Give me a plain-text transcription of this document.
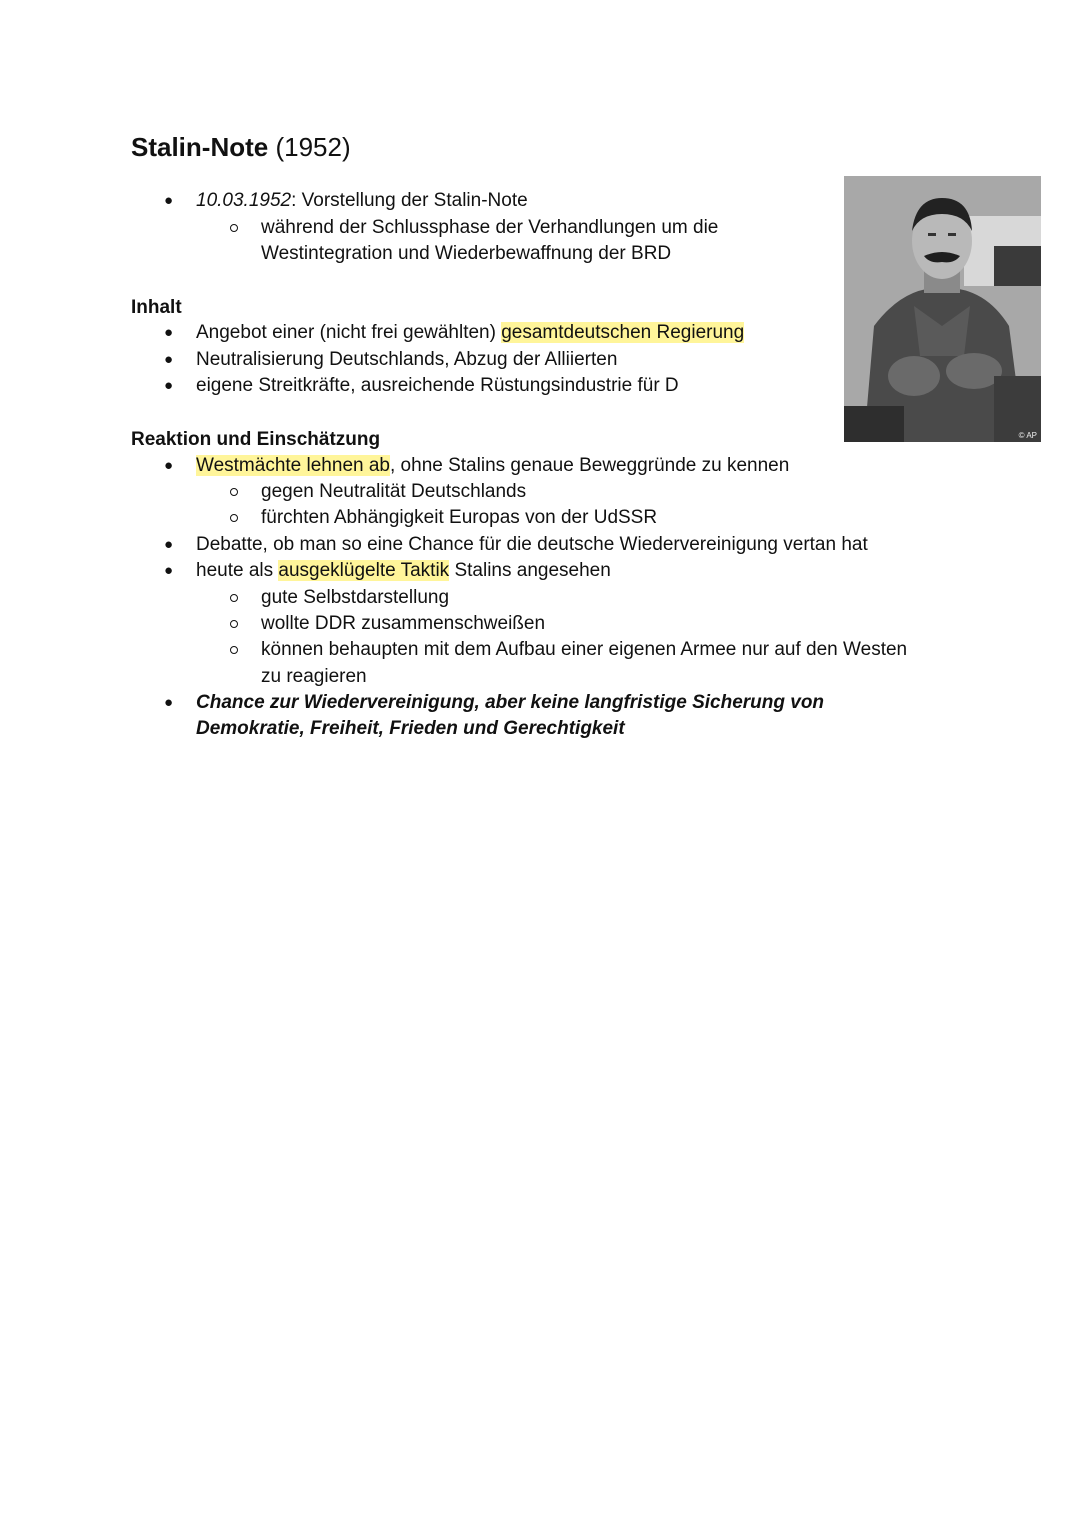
Stalin-Note (1952)
● 10.03.1952: Vorstellung der Stalin-Note
während der Schlussphase der Verhandlungen um die
Westintegration und Wiederbewaffnung der BRD
© AP
Inhalt
● Angebot einer (nicht frei gewählten) gesamtdeutschen Regierung
● Neutralisierung Deutschlands, Abzug der Alliierten
● eigene Streitkräfte, ausreichende Rüstungsindustrie für D
Reaktion und Einschätzung
● Westmächte lehnen ab, ohne Stalins genaue Beweggründe zu kennen
gegen Neutralität Deutschlands
fürchten Abhängigkeit Europas von der UdSSR
● Debatte, ob man so eine Chance für die deutsche Wiedervereinigung vertan hat
● heute als ausgeklügelte Taktik Stalins angesehen
gute Selbstdarstellung
wollte DDR zusammenschweißen
können behaupten mit dem Aufbau einer eigenen Armee nur auf den Westen
zu reagieren
● Chance zur Wiedervereinigung, aber keine langfristige Sicherung von
Demokratie, Freiheit, Frieden und Gerechtigkeit
